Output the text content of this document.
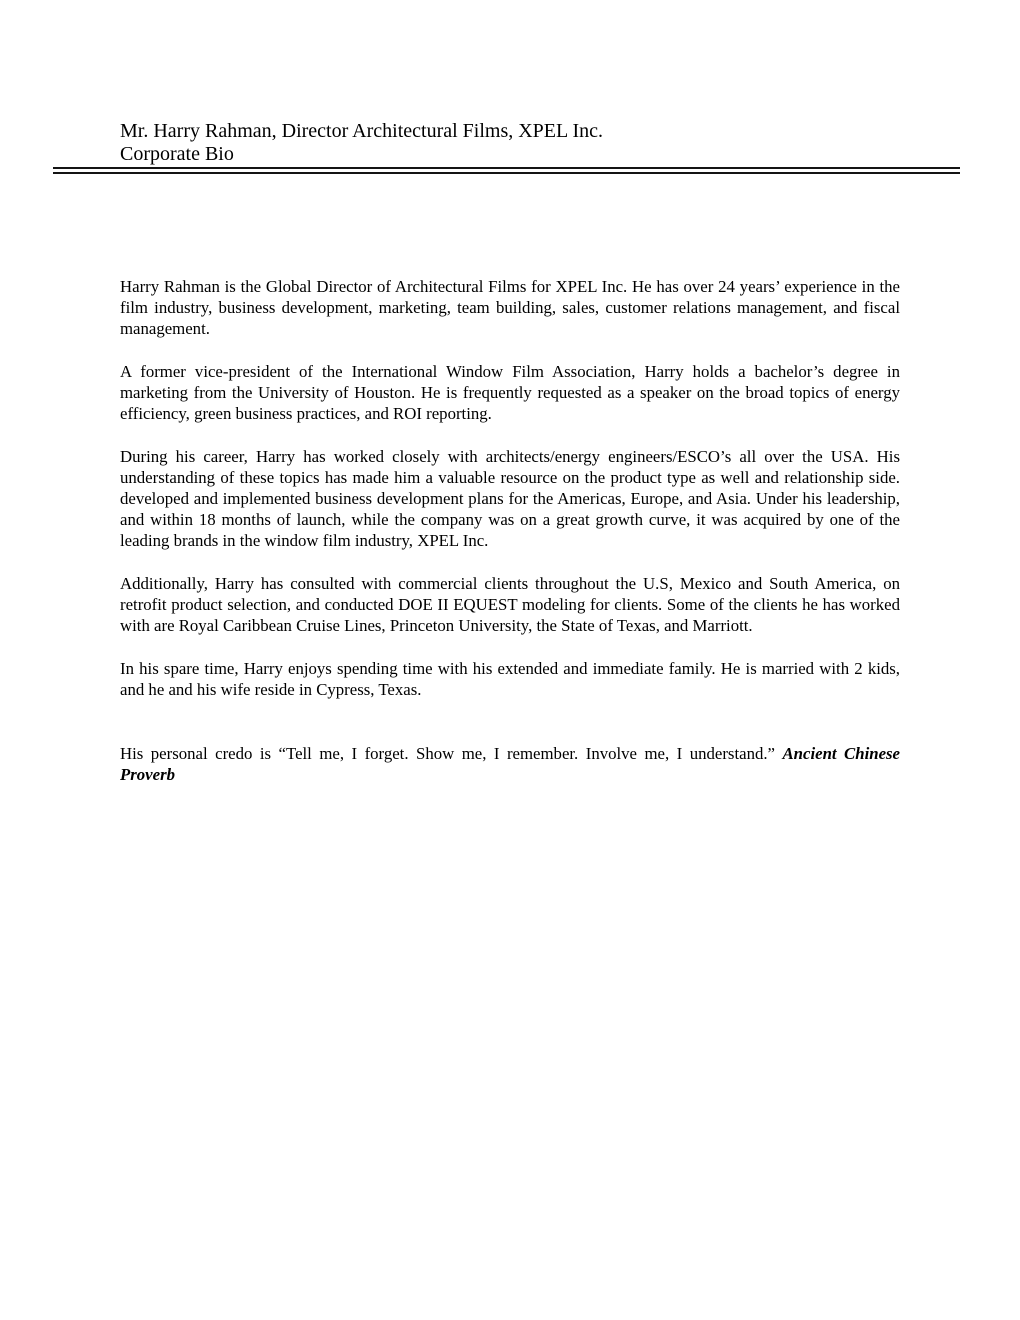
Mr. Harry Rahman, Director Architectural Films, XPEL Inc.
Corporate Bio

Harry Rahman is the Global Director of Architectural Films for XPEL Inc. He has over 24 years’ experience in the film industry, business development, marketing, team building, sales, customer relations management, and fiscal management.

A former vice-president of the International Window Film Association, Harry holds a bachelor’s degree in marketing from the University of Houston. He is frequently requested as a speaker on the broad topics of energy efficiency, green business practices, and ROI reporting.

During his career, Harry has worked closely with architects/energy engineers/ESCO’s all over the USA. His understanding of these topics has made him a valuable resource on the product type as well and relationship side. developed and implemented business development plans for the Americas, Europe, and Asia. Under his leadership, and within 18 months of launch, while the company was on a great growth curve, it was acquired by one of the leading brands in the window film industry, XPEL Inc.

Additionally, Harry has consulted with commercial clients throughout the U.S, Mexico and South America, on retrofit product selection, and conducted DOE II EQUEST modeling for clients. Some of the clients he has worked with are Royal Caribbean Cruise Lines, Princeton University, the State of Texas, and Marriott.

In his spare time, Harry enjoys spending time with his extended and immediate family. He is married with 2 kids, and he and his wife reside in Cypress, Texas.

His personal credo is “Tell me, I forget. Show me, I remember. Involve me, I understand.” Ancient Chinese Proverb
